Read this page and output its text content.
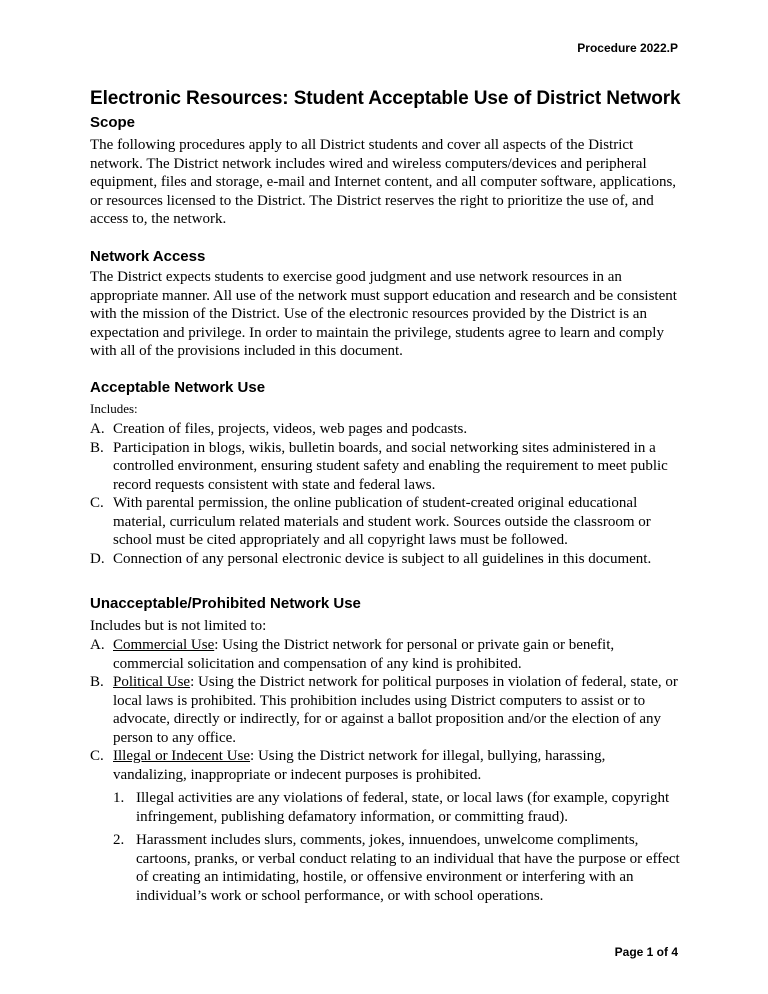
Procedure 2022.P
Electronic Resources: Student Acceptable Use of District Network
Scope

The following procedures apply to all District students and cover all aspects of the District network. The District network includes wired and wireless computers/devices and peripheral equipment, files and storage, e-mail and Internet content, and all computer software, applications, or resources licensed to the District. The District reserves the right to prioritize the use of, and access to, the network.

Network Access

The District expects students to exercise good judgment and use network resources in an appropriate manner. All use of the network must support education and research and be consistent with the mission of the District. Use of the electronic resources provided by the District is an expectation and privilege. In order to maintain the privilege, students agree to learn and comply with all of the provisions included in this document.

Acceptable Network Use

Includes:

A. Creation of files, projects, videos, web pages and podcasts.
B. Participation in blogs, wikis, bulletin boards, and social networking sites administered in a controlled environment, ensuring student safety and enabling the requirement to meet public record requests consistent with state and federal laws.
C. With parental permission, the online publication of student-created original educational material, curriculum related materials and student work. Sources outside the classroom or school must be cited appropriately and all copyright laws must be followed.
D. Connection of any personal electronic device is subject to all guidelines in this document.
Unacceptable/Prohibited Network Use

Includes but is not limited to:

A. Commercial Use: Using the District network for personal or private gain or benefit, commercial solicitation and compensation of any kind is prohibited.
B. Political Use: Using the District network for political purposes in violation of federal, state, or local laws is prohibited. This prohibition includes using District computers to assist or to advocate, directly or indirectly, for or against a ballot proposition and/or the election of any person to any office.
C. Illegal or Indecent Use: Using the District network for illegal, bullying, harassing, vandalizing, inappropriate or indecent purposes is prohibited.
1. Illegal activities are any violations of federal, state, or local laws (for example, copyright infringement, publishing defamatory information, or committing fraud).
2. Harassment includes slurs, comments, jokes, innuendoes, unwelcome compliments, cartoons, pranks, or verbal conduct relating to an individual that have the purpose or effect of creating an intimidating, hostile, or offensive environment or interfering with an individual’s work or school performance, or with school operations.
Page 1 of 4
